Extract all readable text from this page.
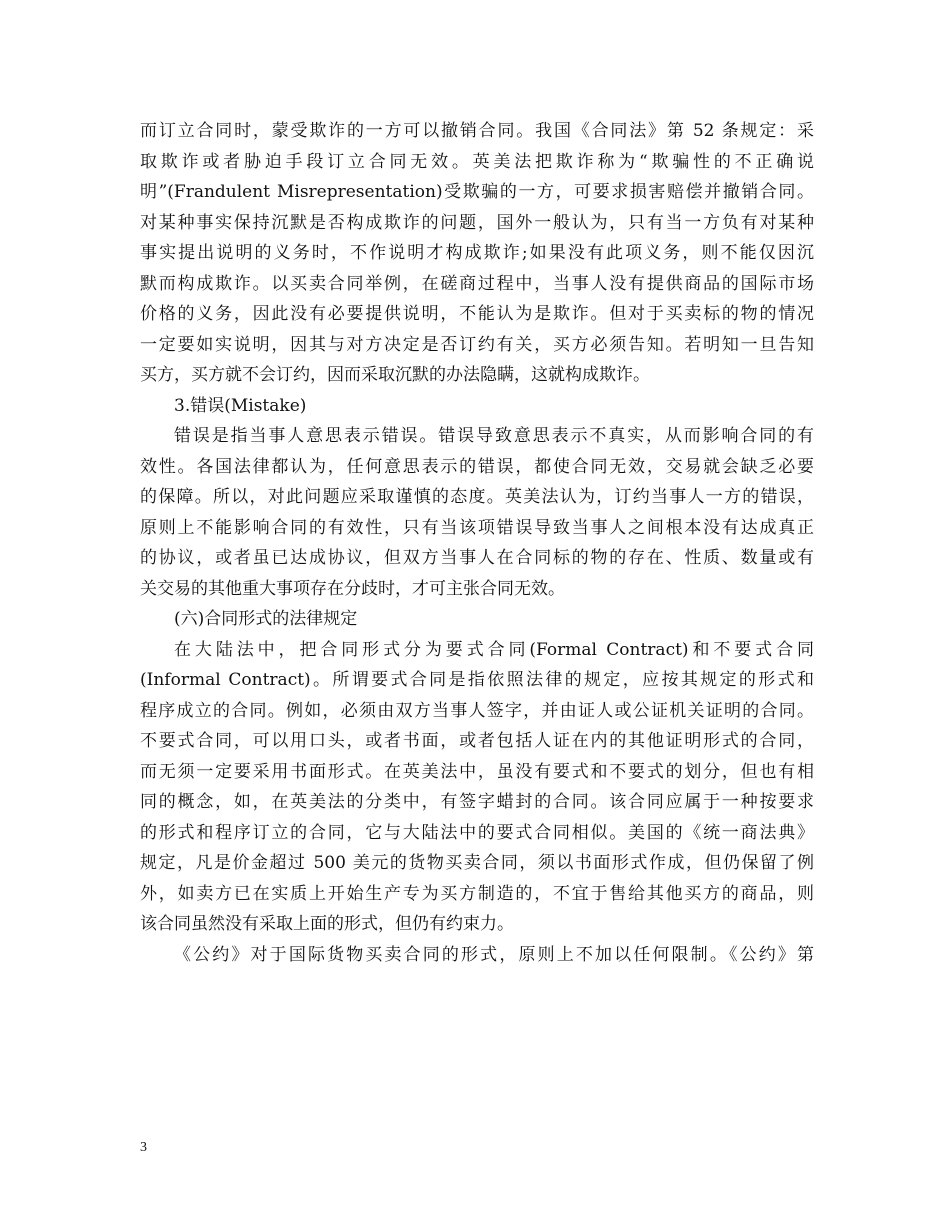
而订立合同时，蒙受欺诈的一方可以撤销合同。我国《合同法》第 52 条规定：采
取欺诈或者胁迫手段订立合同无效。英美法把欺诈称为“欺骗性的不正确说
明”(Frandulent Misrepresentation)受欺骗的一方，可要求损害赔偿并撤销合同。
对某种事实保持沉默是否构成欺诈的问题，国外一般认为，只有当一方负有对某种
事实提出说明的义务时，不作说明才构成欺诈;如果没有此项义务，则不能仅因沉
默而构成欺诈。以买卖合同举例，在磋商过程中，当事人没有提供商品的国际市场
价格的义务，因此没有必要提供说明，不能认为是欺诈。但对于买卖标的物的情况
一定要如实说明，因其与对方决定是否订约有关，买方必须告知。若明知一旦告知
买方，买方就不会订约，因而采取沉默的办法隐瞒，这就构成欺诈。
3.错误(Mistake)
错误是指当事人意思表示错误。错误导致意思表示不真实，从而影响合同的有
效性。各国法律都认为，任何意思表示的错误，都使合同无效，交易就会缺乏必要
的保障。所以，对此问题应采取谨慎的态度。英美法认为，订约当事人一方的错误，
原则上不能影响合同的有效性，只有当该项错误导致当事人之间根本没有达成真正
的协议，或者虽已达成协议，但双方当事人在合同标的物的存在、性质、数量或有
关交易的其他重大事项存在分歧时，才可主张合同无效。
(六)合同形式的法律规定
在大陆法中，把合同形式分为要式合同(Formal Contract)和不要式合同
(Informal Contract)。所谓要式合同是指依照法律的规定，应按其规定的形式和
程序成立的合同。例如，必须由双方当事人签字，并由证人或公证机关证明的合同。
不要式合同，可以用口头，或者书面，或者包括人证在内的其他证明形式的合同，
而无须一定要采用书面形式。在英美法中，虽没有要式和不要式的划分，但也有相
同的概念，如，在英美法的分类中，有签字蜡封的合同。该合同应属于一种按要求
的形式和程序订立的合同，它与大陆法中的要式合同相似。美国的《统一商法典》
规定，凡是价金超过 500 美元的货物买卖合同，须以书面形式作成，但仍保留了例
外，如卖方已在实质上开始生产专为买方制造的，不宜于售给其他买方的商品，则
该合同虽然没有采取上面的形式，但仍有约束力。
《公约》对于国际货物买卖合同的形式，原则上不加以任何限制。《公约》第
3
